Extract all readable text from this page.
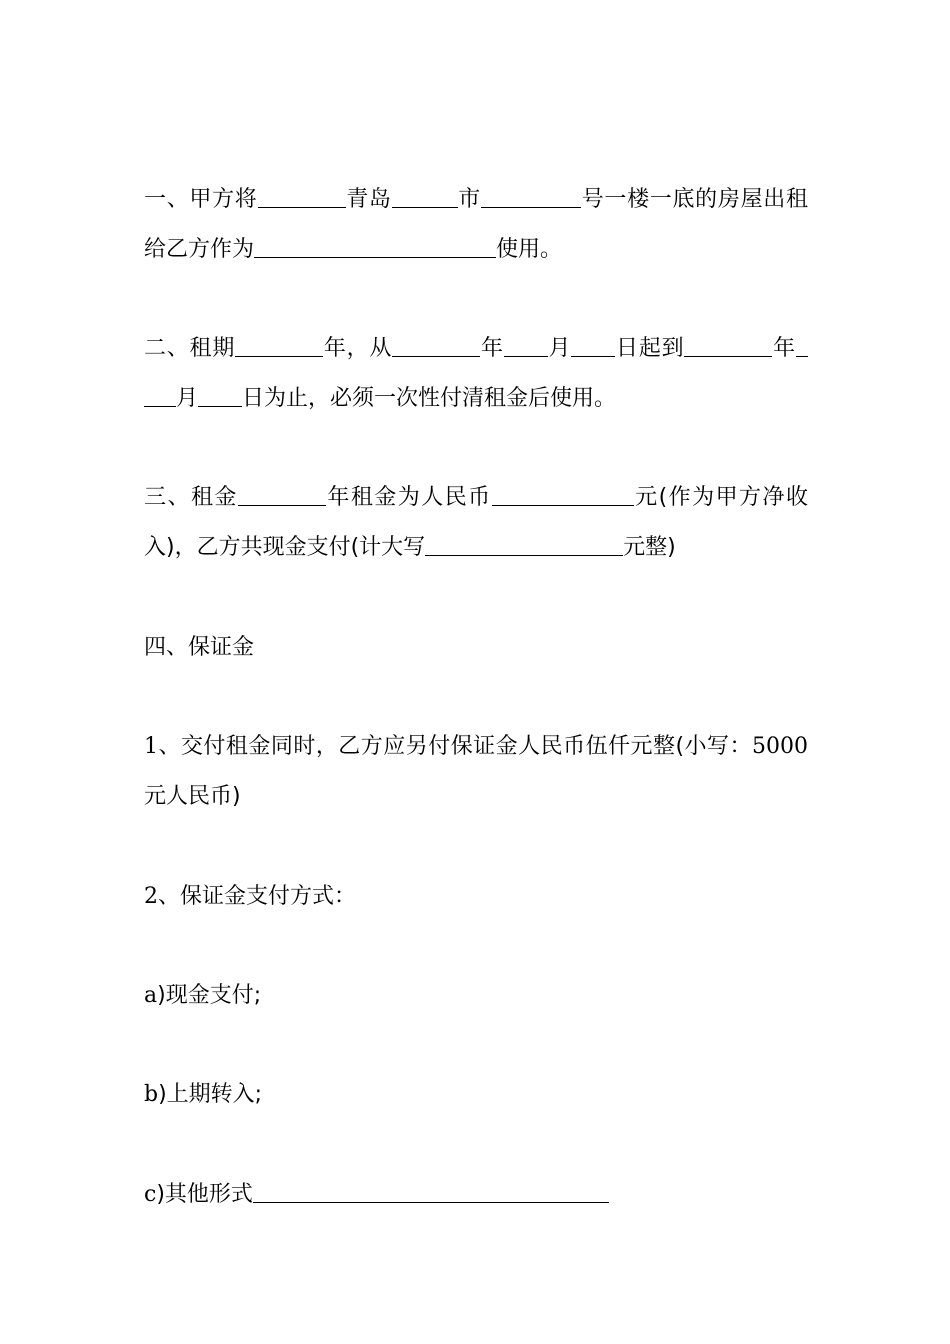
一、甲方将	青岛	市	号一楼一底的房屋出租
给乙方作为	使用。
二、租期	年，从	年 月 日起到	年
月 日为止，必须一次性付清租金后使用。
三、租金	年租金为人民币	元(作为甲方净收
入)，乙方共现金支付(计大写	元整)
四、保证金
1、交付租金同时，乙方应另付保证金人民币伍仟元整(小写：5000
元人民币)
2、保证金支付方式：
a)现金支付;
b)上期转入;
c)其他形式
